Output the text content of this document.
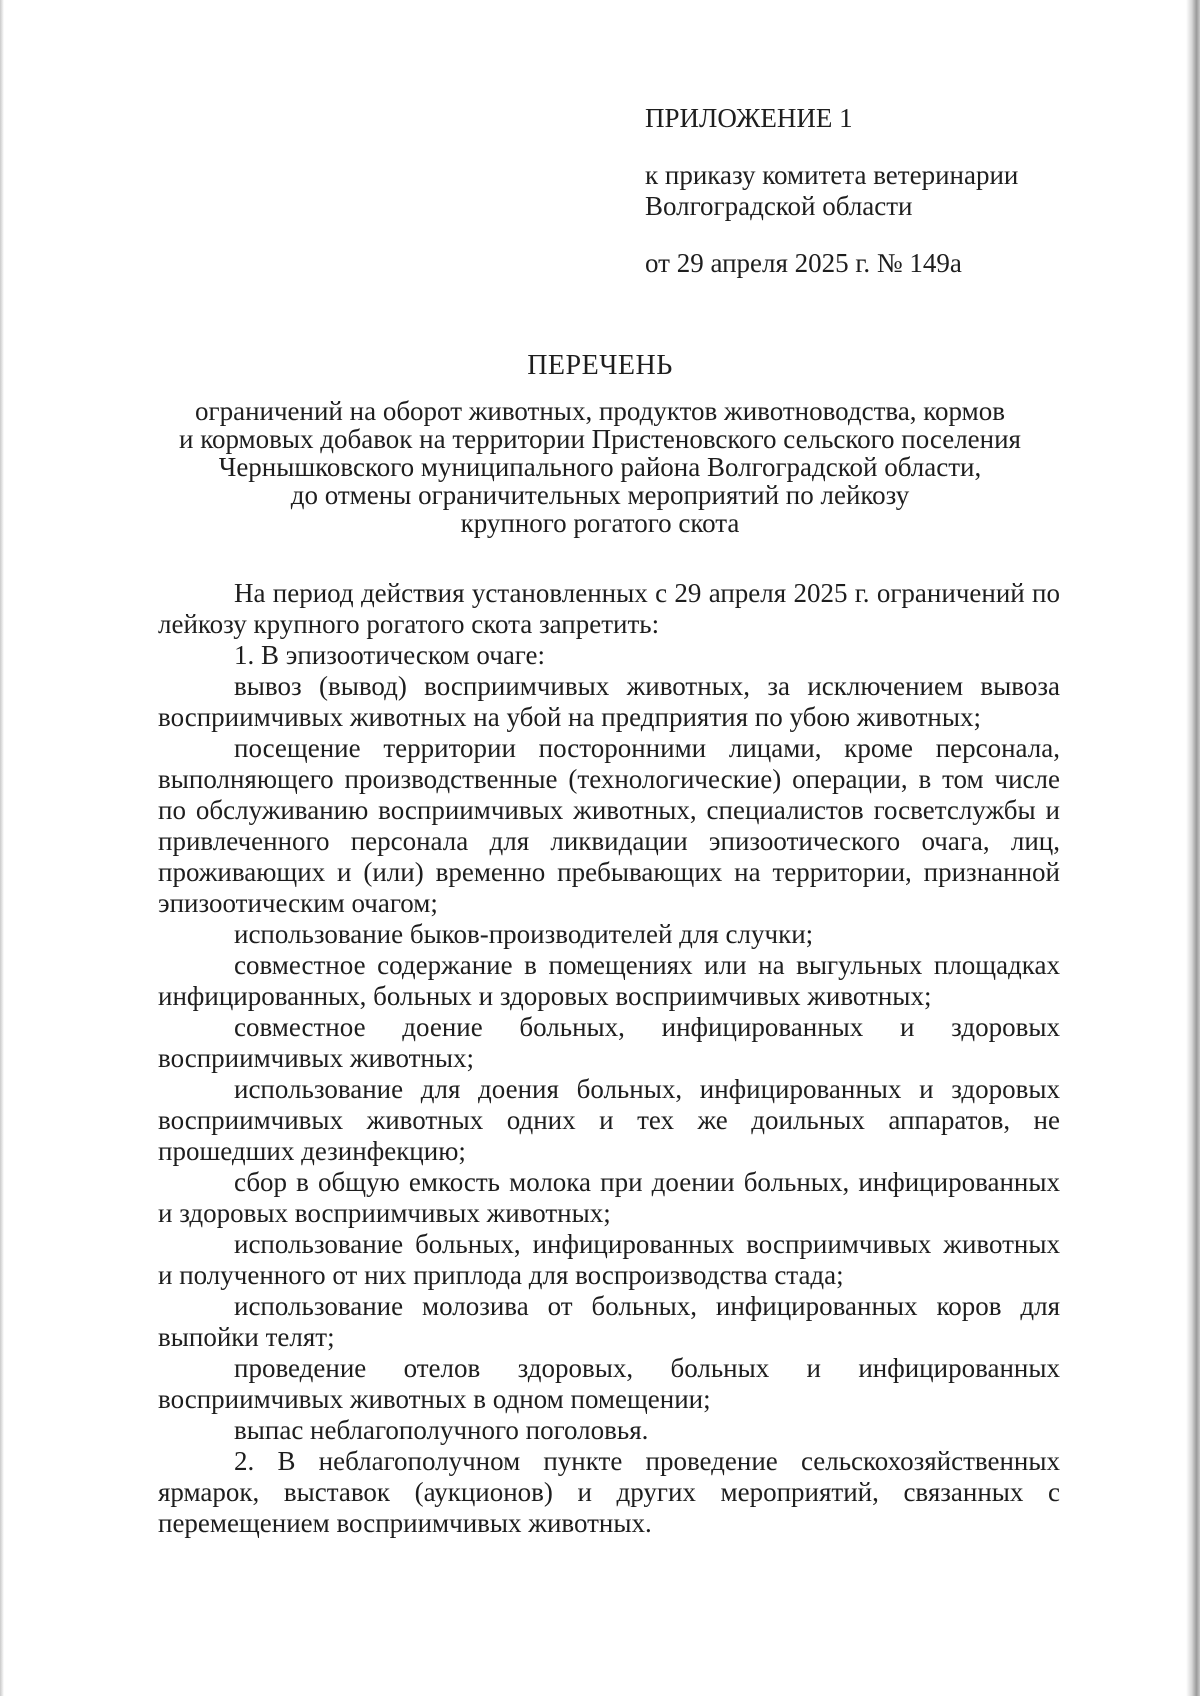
ПРИЛОЖЕНИЕ 1
к приказу комитета ветеринарии Волгоградской области
от 29 апреля 2025 г. № 149а
ПЕРЕЧЕНЬ
ограничений на оборот животных, продуктов животноводства, кормов
и кормовых добавок на территории Пристеновского сельского поселения
Чернышковского муниципального района Волгоградской области,
до отмены ограничительных мероприятий по лейкозу
крупного рогатого скота

На период действия установленных с 29 апреля 2025 г. ограничений по лейкозу крупного рогатого скота запретить:

1. В эпизоотическом очаге:

вывоз (вывод) восприимчивых животных, за исключением вывоза восприимчивых животных на убой на предприятия по убою животных;

посещение территории посторонними лицами, кроме персонала, выполняющего производственные (технологические) операции, в том числе по обслуживанию восприимчивых животных, специалистов госветслужбы и привлеченного персонала для ликвидации эпизоотического очага, лиц, проживающих и (или) временно пребывающих на территории, признанной эпизоотическим очагом;

использование быков-производителей для случки;

совместное содержание в помещениях или на выгульных площадках инфицированных, больных и здоровых восприимчивых животных;

совместное доение больных, инфицированных и здоровых восприимчивых животных;

использование для доения больных, инфицированных и здоровых восприимчивых животных одних и тех же доильных аппаратов, не прошедших дезинфекцию;

сбор в общую емкость молока при доении больных, инфицированных и здоровых восприимчивых животных;

использование больных, инфицированных восприимчивых животных и полученного от них приплода для воспроизводства стада;

использование молозива от больных, инфицированных коров для выпойки телят;

проведение отелов здоровых, больных и инфицированных восприимчивых животных в одном помещении;

выпас неблагополучного поголовья.

2. В неблагополучном пункте проведение сельскохозяйственных ярмарок, выставок (аукционов) и других мероприятий, связанных с перемещением восприимчивых животных.
